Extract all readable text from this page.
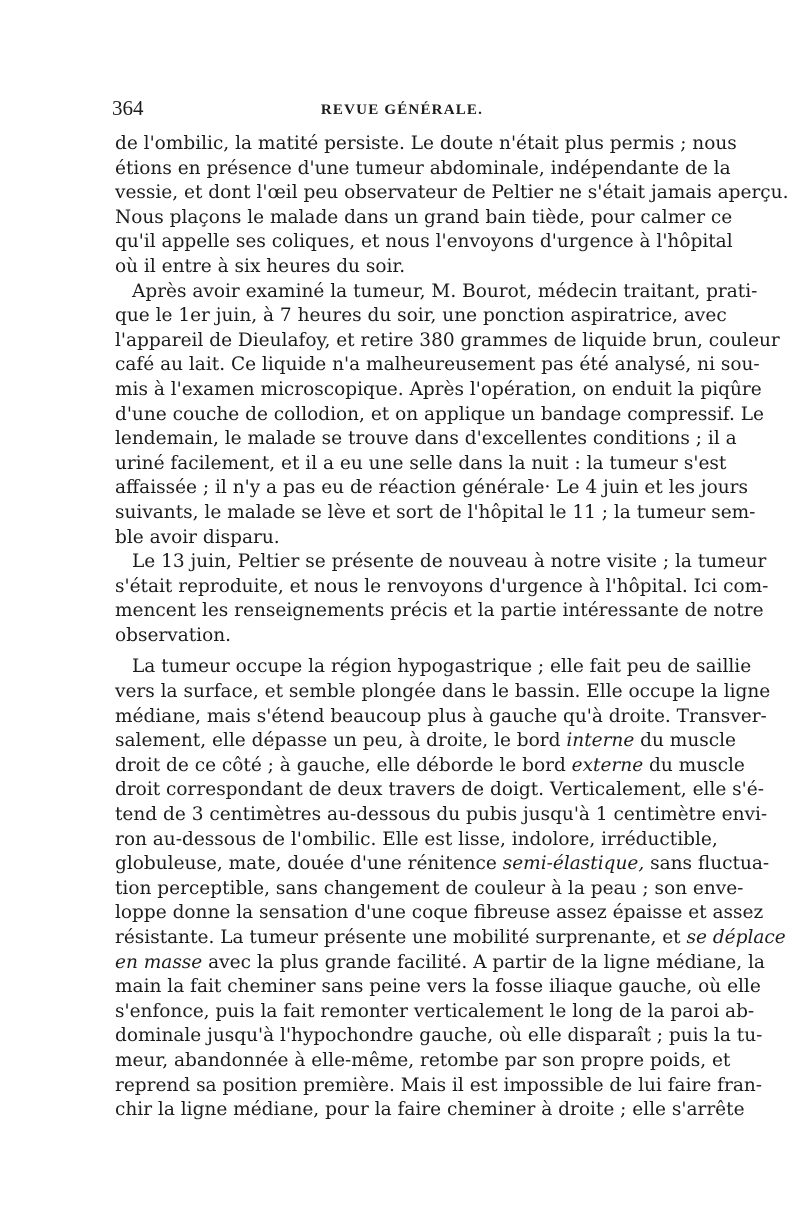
364	REVUE GÉNÉRALE.
de l'ombilic, la matité persiste. Le doute n'était plus permis ; nous
étions en présence d'une tumeur abdominale, indépendante de la
vessie, et dont l'œil peu observateur de Peltier ne s'était jamais aperçu.
Nous plaçons le malade dans un grand bain tiède, pour calmer ce
qu'il appelle ses coliques, et nous l'envoyons d'urgence à l'hôpital
où il entre à six heures du soir.
Après avoir examiné la tumeur, M. Bourot, médecin traitant, prati-
que le 1er juin, à 7 heures du soir, une ponction aspiratrice, avec
l'appareil de Dieulafoy, et retire 380 grammes de liquide brun, couleur
café au lait. Ce liquide n'a malheureusement pas été analysé, ni sou-
mis à l'examen microscopique. Après l'opération, on enduit la piqûre
d'une couche de collodion, et on applique un bandage compressif. Le
lendemain, le malade se trouve dans d'excellentes conditions ; il a
uriné facilement, et il a eu une selle dans la nuit : la tumeur s'est
affaissée ; il n'y a pas eu de réaction générale· Le 4 juin et les jours
suivants, le malade se lève et sort de l'hôpital le 11 ; la tumeur sem-
ble avoir disparu.
Le 13 juin, Peltier se présente de nouveau à notre visite ; la tumeur
s'était reproduite, et nous le renvoyons d'urgence à l'hôpital. Ici com-
mencent les renseignements précis et la partie intéressante de notre
observation.
La tumeur occupe la région hypogastrique ; elle fait peu de saillie
vers la surface, et semble plongée dans le bassin. Elle occupe la ligne
médiane, mais s'étend beaucoup plus à gauche qu'à droite. Transver-
salement, elle dépasse un peu, à droite, le bord interne du muscle
droit de ce côté ; à gauche, elle déborde le bord externe du muscle
droit correspondant de deux travers de doigt. Verticalement, elle s'é-
tend de 3 centimètres au-dessous du pubis jusqu'à 1 centimètre envi-
ron au-dessous de l'ombilic. Elle est lisse, indolore, irréductible,
globuleuse, mate, douée d'une rénitence semi-élastique, sans fluctua-
tion perceptible, sans changement de couleur à la peau ; son enve-
loppe donne la sensation d'une coque fibreuse assez épaisse et assez
résistante. La tumeur présente une mobilité surprenante, et se déplace
en masse avec la plus grande facilité. A partir de la ligne médiane, la
main la fait cheminer sans peine vers la fosse iliaque gauche, où elle
s'enfonce, puis la fait remonter verticalement le long de la paroi ab-
dominale jusqu'à l'hypochondre gauche, où elle disparaît ; puis la tu-
meur, abandonnée à elle-même, retombe par son propre poids, et
reprend sa position première. Mais il est impossible de lui faire fran-
chir la ligne médiane, pour la faire cheminer à droite ; elle s'arrête
